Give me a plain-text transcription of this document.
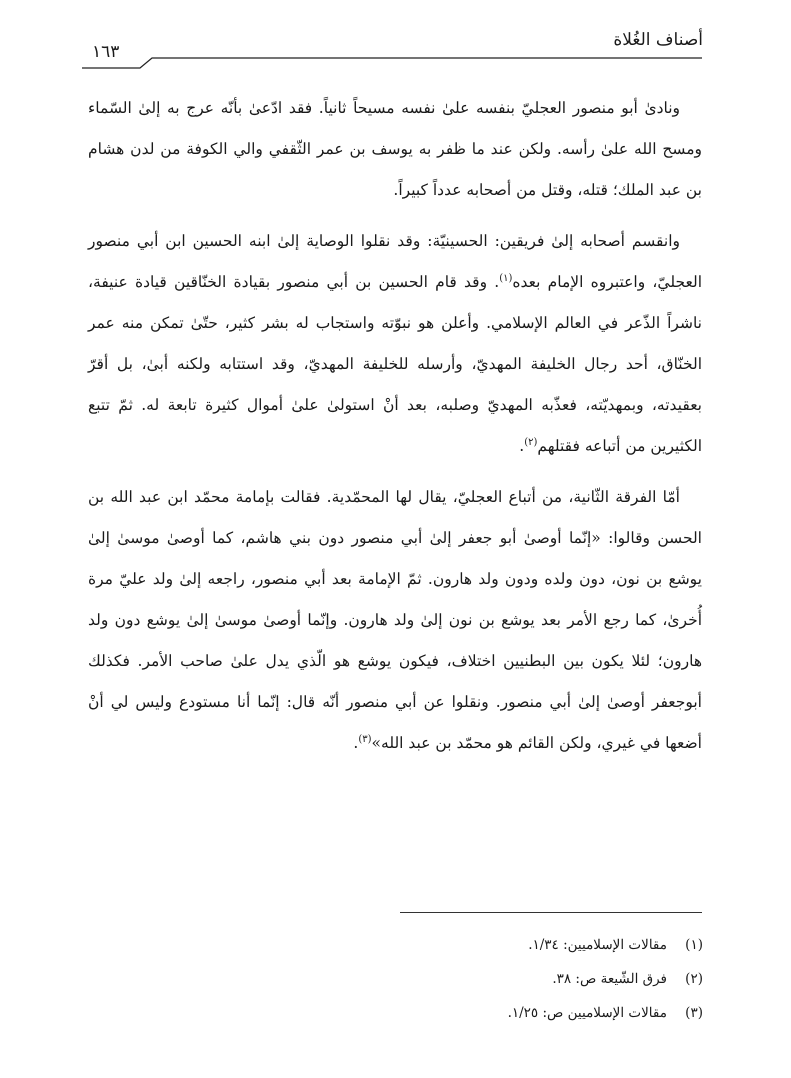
أصناف الغُلاة
١٦٣

ونادىٰ أبو منصور العجليّ بنفسه علىٰ نفسه مسيحاً ثانياً. فقد ادّعىٰ بأنّه عرج به إلىٰ السّماء ومسح الله علىٰ رأسه. ولكن عند ما ظفر به يوسف بن عمر الثّقفي والي الكوفة من لدن هشام بن عبد الملك؛ قتله، وقتل من أصحابه عدداً كبيراً.

وانقسم أصحابه إلىٰ فريقين: الحسينيّة: وقد نقلوا الوصاية إلىٰ ابنه الحسين ابن أبي منصور العجليّ، واعتبروه الإمام بعده$^{(١)}$. وقد قام الحسين بن أبي منصور بقيادة الخنّاقين قيادة عنيفة، ناشراً الذّعر في العالم الإسلامي. وأعلن هو نبوّته واستجاب له بشر كثير، حتّىٰ تمكن منه عمر الخنّاق، أحد رجال الخليفة المهديّ، وأرسله للخليفة المهديّ، وقد استتابه ولكنه أبىٰ، بل أقرّ بعقيدته، وبمهديّته، فعذّبه المهديّ وصلبه، بعد أنْ استولىٰ علىٰ أموال كثيرة تابعة له. ثمّ تتبع الكثيرين من أتباعه فقتلهم$^{(٢)}$.

أمّا الفرقة الثّانية، من أتباع العجليّ، يقال لها المحمّدية. فقالت بإمامة محمّد ابن عبد الله بن الحسن وقالوا: «إنّما أوصىٰ أبو جعفر إلىٰ أبي منصور دون بني هاشم، كما أوصىٰ موسىٰ إلىٰ يوشع بن نون، دون ولده ودون ولد هارون. ثمّ الإمامة بعد أبي منصور، راجعه إلىٰ ولد عليّ مرة أُخرىٰ، كما رجع الأمر بعد يوشع بن نون إلىٰ ولد هارون. وإنّما أوصىٰ موسىٰ إلىٰ يوشع دون ولد هارون؛ لئلا يكون بين البطنيين اختلاف، فيكون يوشع هو الّذي يدل علىٰ صاحب الأمر. فكذلك أبوجعفر أوصىٰ إلىٰ أبي منصور. ونقلوا عن أبي منصور أنّه قال: إنّما أنا مستودع وليس لي أنْ أضعها في غيري، ولكن القائم هو محمّد بن عبد الله»$^{(٣)}$.

(١)مقالات الإسلاميين: ١/٣٤.

(٢)فرق الشّيعة ص: ٣٨.

(٣)مقالات الإسلاميين ص: ١/٢٥.
